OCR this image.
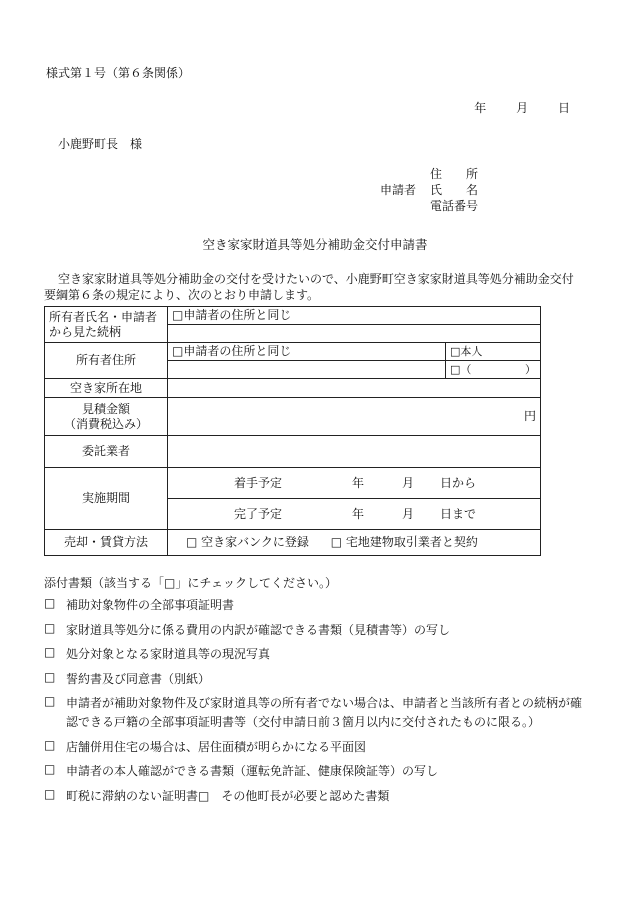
様式第１号（第６条関係）
年 月 日
小鹿野町長　様
住　　所
申請者 氏　　名
電話番号
空き家家財道具等処分補助金交付申請書
空き家家財道具等処分補助金の交付を受けたいので、小鹿野町空き家家財道具等処分補助金交付要綱第６条の規定により、次のとおり申請します。
所有者氏名・申請者から見た続柄	□申請者の住所と同じ	

所有者住所	□申請者の住所と同じ	□本人

		□（ ）

空き家所在地		

見積金額
（消費税込み）	円	
委託業者		
実施期間	着手予定 年 月 日から	
	完了予定 年 月 日まで	
売却・賃貸方法	□ 空き家バンクに登録 □ 宅地建物取引業者と契約	
添付書類（該当する「□」にチェックしてください。）
□ 補助対象物件の全部事項証明書
□ 家財道具等処分に係る費用の内訳が確認できる書類（見積書等）の写し
□ 処分対象となる家財道具等の現況写真
□ 誓約書及び同意書（別紙）
□ 申請者が補助対象物件及び家財道具等の所有者でない場合は、申請者と当該所有者との続柄が確認できる戸籍の全部事項証明書等（交付申請日前３箇月以内に交付されたものに限る。）
□ 店舗併用住宅の場合は、居住面積が明らかになる平面図
□ 申請者の本人確認ができる書類（運転免許証、健康保険証等）の写し
□ 町税に滞納のない証明書□　その他町長が必要と認めた書類
